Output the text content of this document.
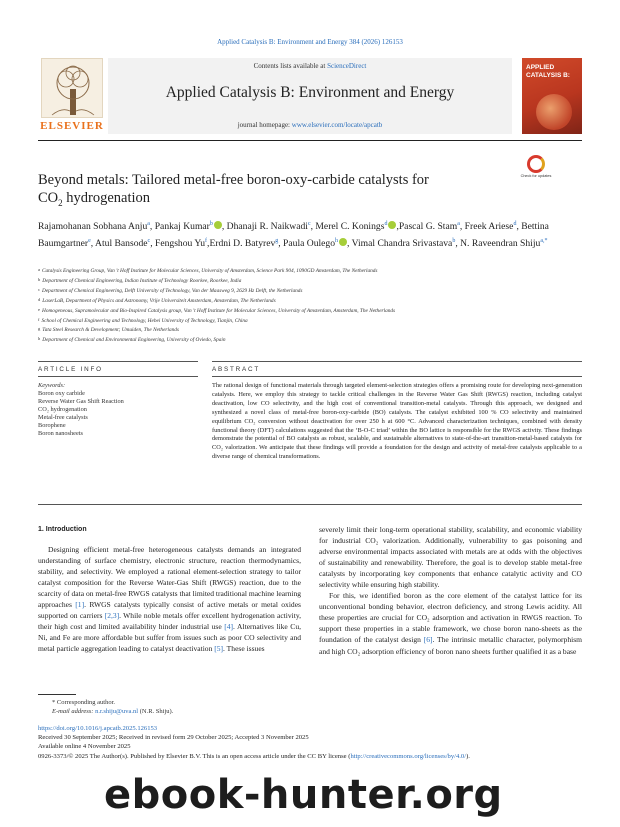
Applied Catalysis B: Environment and Energy 384 (2026) 126153
ELSEVIER
Contents lists available at ScienceDirect
Applied Catalysis B: Environment and Energy
journal homepage: www.elsevier.com/locate/apcatb
APPLIED CATALYSIS B:
Beyond metals: Tailored metal-free boron-oxy-carbide catalysts for
$CO_2$ hydrogenation
Check for updates
Rajamohanan Sobhana Anju$^a$, Pankaj Kumar$^b$ , Dhanaji R. Naikwadi$^c$, Merel C. Konings$^d$ ,Pascal G. Stam$^a$, Freek Ariese$^d$, Bettina Baumgartner$^e$, Atul Bansode$^c$, Fengshou Yu$^f$,Erdni D. Batyrev$^g$, Paula Oulego$^h$ , Vimal Chandra Srivastava$^b$, N. Raveendran Shiju$^{a,*}$
a Catalysis Engineering Group, Van 't Hoff Institute for Molecular Sciences, University of Amsterdam, Science Park 904, 1090GD Amsterdam, The Netherlands
b Department of Chemical Engineering, Indian Institute of Technology Roorkee, Roorkee, India
c Department of Chemical Engineering, Delft University of Technology, Van der Maasweg 9, 2629 Hz Delft, the Netherlands
d LaserLaB, Department of Physics and Astronomy, Vrije Universiteit Amsterdam, Amsterdam, The Netherlands
e Homogeneous, Supramolecular and Bio-Inspired Catalysis group, Van 't Hoff Institute for Molecular Sciences, University of Amsterdam, Amsterdam, The Netherlands
f School of Chemical Engineering and Technology, Hebei University of Technology, Tianjin, China
g Tata Steel Research & Development; Umuiden, The Netherlands
h Department of Chemical and Environmental Engineering, University of Oviedo, Spain
ARTICLE INFO	ABSTRACT
Keywords:
Boron oxy carbide
Reverse Water Gas Shift Reaction
CO₂ hydrogenation
Metal-free catalysts
Borophene
Boron nanosheets
The rational design of functional materials through targeted element-selection strategies offers a promising route for developing next-generation catalysts. Here, we employ this strategy to tackle critical challenges in the Reverse Water Gas Shift (RWGS) reaction, including catalyst deactivation, low CO selectivity, and the high cost of conventional transition-metal catalysts. Through this approach, we designed and synthesized a novel class of metal-free boron-oxy-carbide (BO) catalysts. The catalyst exhibited 100 % CO selectivity and maintained equilibrium CO₂ conversion without deactivation for over 250 h at 600 °C. Advanced characterization techniques, combined with density functional theory (DFT) calculations suggested that the ‘B-O-C triad’ within the BO lattice is responsible for the RWGS activity. These findings demonstrate the potential of BO catalysts as robust, scalable, and sustainable alternatives to state-of-the-art transition-metal-based catalysts for CO₂ valorization. We anticipate that these findings will provide a foundation for the design and activity of metal-free catalysts applicable to a diverse range of chemical transformations.
1. Introduction

Designing efficient metal-free heterogeneous catalysts demands an integrated understanding of surface chemistry, electronic structure, reaction thermodynamics, stability, and selectivity. We employed a rational element-selection strategy to tailor catalyst composition for the Reverse Water-Gas Shift (RWGS) reaction, due to the scarcity of data on metal-free RWGS catalysts that limited traditional machine learning approaches [1]. RWGS catalysts typically consist of active metals or metal oxides supported on carriers [2,3]. While noble metals offer excellent hydrogenation activity, their high cost and limited availability hinder industrial use [4]. Alternatives like Cu, Ni, and Fe are more affordable but suffer from issues such as poor CO selectivity and metal particle aggregation leading to catalyst deactivation [5]. These issues

severely limit their long-term operational stability, scalability, and economic viability for industrial CO₂ valorization. Additionally, vulnerability to gas poisoning and adverse environmental impacts associated with metals are at odds with the objectives of sustainability and renewability. Therefore, the goal is to develop stable metal-free catalysts by incorporating key components that enhance catalytic activity and CO selectivity while ensuring high stability.

For this, we identified boron as the core element of the catalyst lattice for its unconventional bonding behavior, electron deficiency, and strong Lewis acidity. All these properties are crucial for CO₂ adsorption and activation in RWGS reaction. To support these properties in a stable framework, we chose boron nano-sheets as the foundation of the catalyst design [6]. The intrinsic metallic character, polymorphism and high CO₂ adsorption efficiency of boron nano sheets further qualified it as a base

* Corresponding author.
E-mail address: n.r.shiju@uva.nl (N.R. Shiju).
https://doi.org/10.1016/j.apcatb.2025.126153
Received 30 September 2025; Received in revised form 29 October 2025; Accepted 3 November 2025
Available online 4 November 2025
0926-3373/© 2025 The Author(s). Published by Elsevier B.V. This is an open access article under the CC BY license (http://creativecommons.org/licenses/by/4.0/).
ebook-hunter.org
